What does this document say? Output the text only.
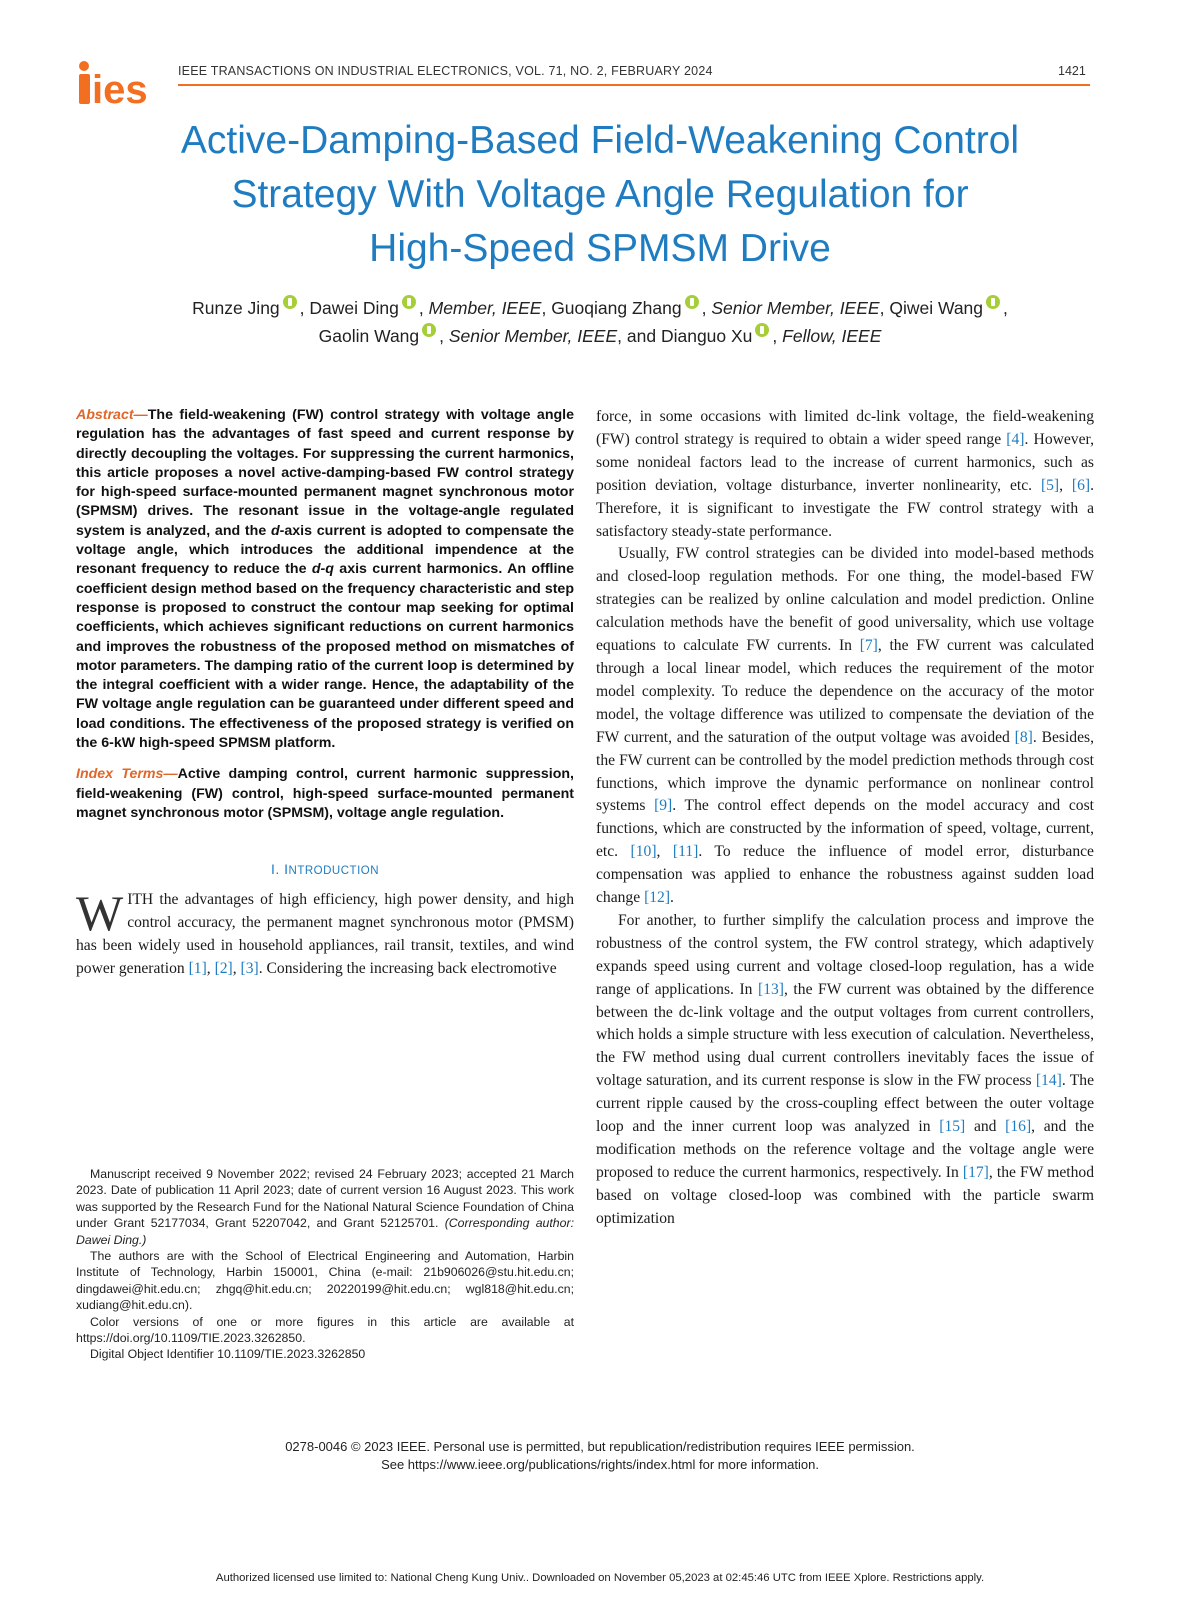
ies IEEE TRANSACTIONS ON INDUSTRIAL ELECTRONICS, VOL. 71, NO. 2, FEBRUARY 2024	1421
Active-Damping-Based Field-Weakening Control
Strategy With Voltage Angle Regulation for
High-Speed SPMSM Drive
Runze Jing , Dawei Ding , Member, IEEE, Guoqiang Zhang , Senior Member, IEEE, Qiwei Wang ,
Gaolin Wang , Senior Member, IEEE, and Dianguo Xu , Fellow, IEEE

Abstract—The field-weakening (FW) control strategy with voltage angle regulation has the advantages of fast speed and current response by directly decoupling the voltages. For suppressing the current harmonics, this article proposes a novel active-damping-based FW control strategy for high-speed surface-mounted permanent magnet synchronous motor (SPMSM) drives. The resonant issue in the voltage-angle regulated system is analyzed, and the d-axis current is adopted to compensate the voltage angle, which introduces the additional impendence at the resonant frequency to reduce the d-q axis current harmonics. An offline coefficient design method based on the frequency characteristic and step response is proposed to construct the contour map seeking for optimal coefficients, which achieves significant reductions on current harmonics and improves the robustness of the proposed method on mismatches of motor parameters. The damping ratio of the current loop is determined by the integral coefficient with a wider range. Hence, the adaptability of the FW voltage angle regulation can be guaranteed under different speed and load conditions. The effectiveness of the proposed strategy is verified on the 6-kW high-speed SPMSM platform.

Index Terms—Active damping control, current harmonic suppression, field-weakening (FW) control, high-speed surface-mounted permanent magnet synchronous motor (SPMSM), voltage angle regulation.

I. INTRODUCTION

WITH the advantages of high efficiency, high power density, and high control accuracy, the permanent magnet synchronous motor (PMSM) has been widely used in household appliances, rail transit, textiles, and wind power generation [1], [2], [3]. Considering the increasing back electromotive

Manuscript received 9 November 2022; revised 24 February 2023; accepted 21 March 2023. Date of publication 11 April 2023; date of current version 16 August 2023. This work was supported by the Research Fund for the National Natural Science Foundation of China under Grant 52177034, Grant 52207042, and Grant 52125701. (Corresponding author: Dawei Ding.)

The authors are with the School of Electrical Engineering and Automation, Harbin Institute of Technology, Harbin 150001, China (e-mail: 21b906026@stu.hit.edu.cn; dingdawei@hit.edu.cn; zhgq@hit.edu.cn; 20220199@hit.edu.cn; wgl818@hit.edu.cn; xudiang@hit.edu.cn).

Color versions of one or more figures in this article are available at https://doi.org/10.1109/TIE.2023.3262850.

Digital Object Identifier 10.1109/TIE.2023.3262850

force, in some occasions with limited dc-link voltage, the field-weakening (FW) control strategy is required to obtain a wider speed range [4]. However, some nonideal factors lead to the increase of current harmonics, such as position deviation, voltage disturbance, inverter nonlinearity, etc. [5], [6]. Therefore, it is significant to investigate the FW control strategy with a satisfactory steady-state performance.

Usually, FW control strategies can be divided into model-based methods and closed-loop regulation methods. For one thing, the model-based FW strategies can be realized by online calculation and model prediction. Online calculation methods have the benefit of good universality, which use voltage equations to calculate FW currents. In [7], the FW current was calculated through a local linear model, which reduces the requirement of the motor model complexity. To reduce the dependence on the accuracy of the motor model, the voltage difference was utilized to compensate the deviation of the FW current, and the saturation of the output voltage was avoided [8]. Besides, the FW current can be controlled by the model prediction methods through cost functions, which improve the dynamic performance on nonlinear control systems [9]. The control effect depends on the model accuracy and cost functions, which are constructed by the information of speed, voltage, current, etc. [10], [11]. To reduce the influence of model error, disturbance compensation was applied to enhance the robustness against sudden load change [12].

For another, to further simplify the calculation process and improve the robustness of the control system, the FW control strategy, which adaptively expands speed using current and voltage closed-loop regulation, has a wide range of applications. In [13], the FW current was obtained by the difference between the dc-link voltage and the output voltages from current controllers, which holds a simple structure with less execution of calculation. Nevertheless, the FW method using dual current controllers inevitably faces the issue of voltage saturation, and its current response is slow in the FW process [14]. The current ripple caused by the cross-coupling effect between the outer voltage loop and the inner current loop was analyzed in [15] and [16], and the modification methods on the reference voltage and the voltage angle were proposed to reduce the current harmonics, respectively. In [17], the FW method based on voltage closed-loop was combined with the particle swarm optimization

0278-0046 © 2023 IEEE. Personal use is permitted, but republication/redistribution requires IEEE permission.
See https://www.ieee.org/publications/rights/index.html for more information.
Authorized licensed use limited to: National Cheng Kung Univ.. Downloaded on November 05,2023 at 02:45:46 UTC from IEEE Xplore. Restrictions apply.
